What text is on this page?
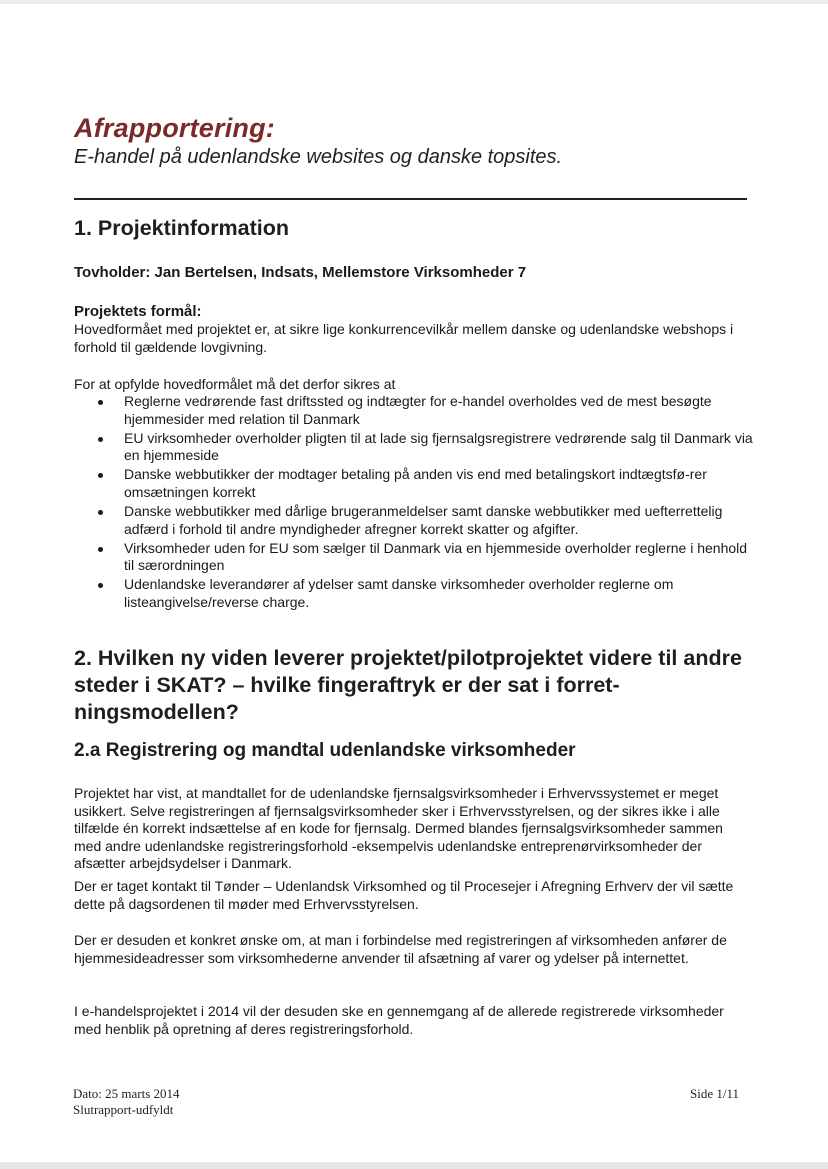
Afrapportering:
E-handel på udenlandske websites og danske topsites.
1. Projektinformation
Tovholder: Jan Bertelsen, Indsats, Mellemstore Virksomheder 7
Projektets formål:

Hovedformået med projektet er, at sikre lige konkurrencevilkår mellem danske og udenlandske webshops i forhold til gældende lovgivning.

For at opfylde hovedformålet må det derfor sikres at

Reglerne vedrørende fast driftssted og indtægter for e-handel overholdes ved de mest besøgte hjemmesider med relation til Danmark
EU virksomheder overholder pligten til at lade sig fjernsalgsregistrere vedrørende salg til Danmark via en hjemmeside
Danske webbutikker der modtager betaling på anden vis end med betalingskort indtægtsfø-rer omsætningen korrekt
Danske webbutikker med dårlige brugeranmeldelser samt danske webbutikker med uefterrettelig adfærd i forhold til andre myndigheder afregner korrekt skatter og afgifter.
Virksomheder uden for EU som sælger til Danmark via en hjemmeside overholder reglerne i henhold til særordningen
Udenlandske leverandører af ydelser samt danske virksomheder overholder reglerne om listeangivelse/reverse charge.
2. Hvilken ny viden leverer projektet/pilotprojektet videre til andre steder i SKAT? – hvilke fingeraftryk er der sat i forret-ningsmodellen?
2.a Registrering og mandtal udenlandske virksomheder

Projektet har vist, at mandtallet for de udenlandske fjernsalgsvirksomheder i Erhvervssystemet er meget usikkert. Selve registreringen af fjernsalgsvirksomheder sker i Erhvervsstyrelsen, og der sikres ikke i alle tilfælde én korrekt indsættelse af en kode for fjernsalg. Dermed blandes fjernsalgsvirksomheder sammen med andre udenlandske registreringsforhold -eksempelvis udenlandske entreprenørvirksomheder der afsætter arbejdsydelser i Danmark.

Der er taget kontakt til Tønder – Udenlandsk Virksomhed og til Procesejer i Afregning Erhverv der vil sætte dette på dagsordenen til møder med Erhvervsstyrelsen.

Der er desuden et konkret ønske om, at man i forbindelse med registreringen af virksomheden anfører de hjemmesideadresser som virksomhederne anvender til afsætning af varer og ydelser på internettet.

I e-handelsprojektet i 2014 vil der desuden ske en gennemgang af de allerede registrerede virksomheder med henblik på opretning af deres registreringsforhold.

Dato: 25 marts 2014
Slutrapport-udfyldt
Side 1/11
